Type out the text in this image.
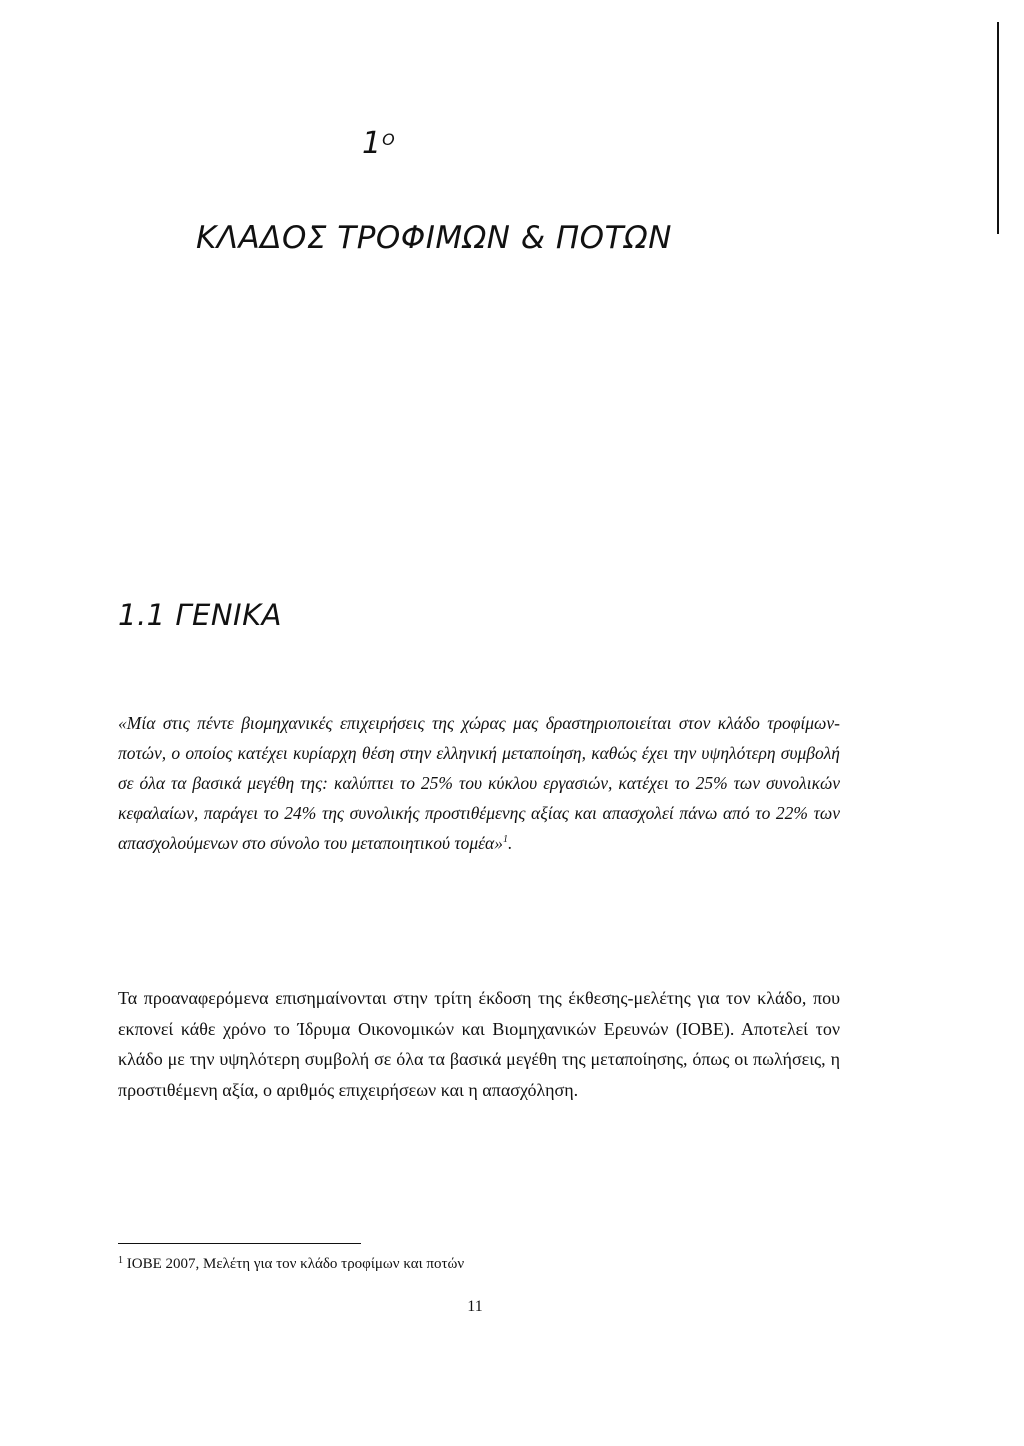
$1^O$
ΚΛΑΔΟΣ ΤΡΟΦΙΜΩΝ & ΠΟΤΩΝ
1.1 ΓΕΝΙΚΑ

«Μία στις πέντε βιομηχανικές επιχειρήσεις της χώρας μας δραστηριοποιείται στον κλάδο τροφίμων-ποτών, ο οποίος κατέχει κυρίαρχη θέση στην ελληνική μεταποίηση, καθώς έχει την υψηλότερη συμβολή σε όλα τα βασικά μεγέθη της: καλύπτει το 25% του κύκλου εργασιών, κατέχει το 25% των συνολικών κεφαλαίων, παράγει το 24% της συνολικής προστιθέμενης αξίας και απασχολεί πάνω από το 22% των απασχολούμενων στο σύνολο του μεταποιητικού τομέα»$^1$.

Τα προαναφερόμενα επισημαίνονται στην τρίτη έκδοση της έκθεσης-μελέτης για τον κλάδο, που εκπονεί κάθε χρόνο το Ίδρυμα Οικονομικών και Βιομηχανικών Ερευνών (ΙΟΒΕ). Αποτελεί τον κλάδο με την υψηλότερη συμβολή σε όλα τα βασικά μεγέθη της μεταποίησης, όπως οι πωλήσεις, η προστιθέμενη αξία, ο αριθμός επιχειρήσεων και η απασχόληση.

$^1$ ΙΟΒΕ 2007, Μελέτη για τον κλάδο τροφίμων και ποτών
11
